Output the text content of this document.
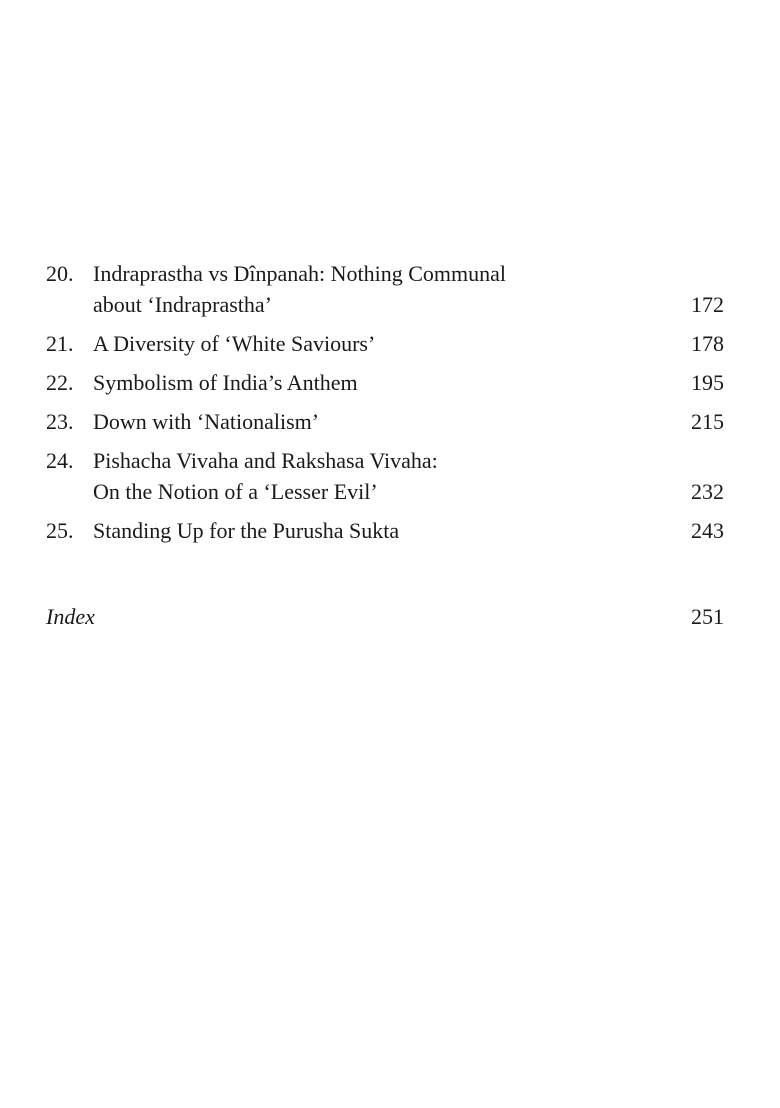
20. Indraprastha vs Dînpanah: Nothing Communal
about ‘Indraprastha’	172
21. A Diversity of ‘White Saviours’	178
22. Symbolism of India’s Anthem	195
23. Down with ‘Nationalism’	215
24. Pishacha Vivaha and Rakshasa Vivaha:
On the Notion of a ‘Lesser Evil’	232
25. Standing Up for the Purusha Sukta	243
Index	251
